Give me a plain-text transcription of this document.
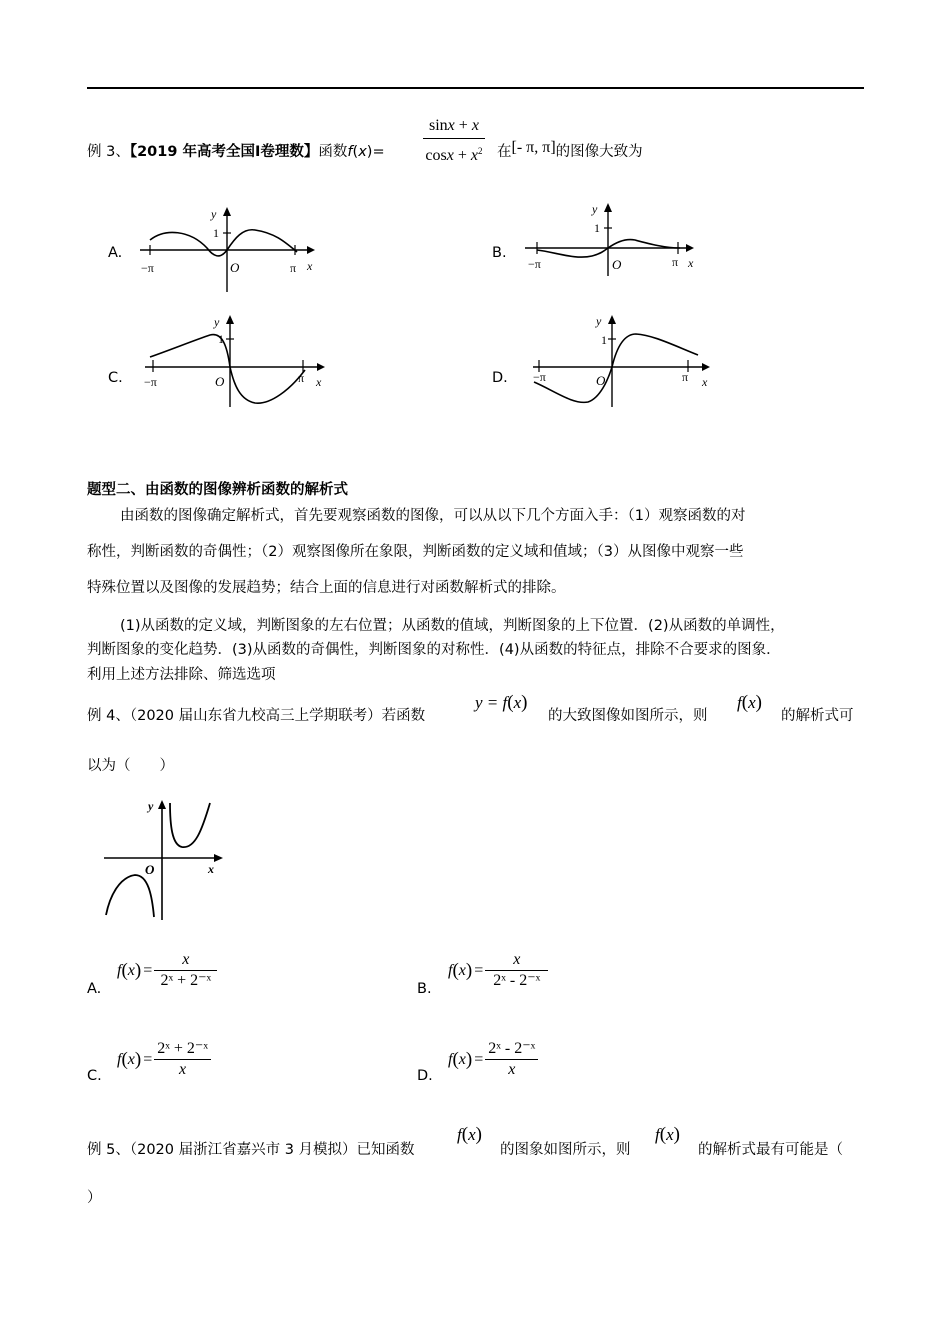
例 3、【2019 年高考全国Ⅰ卷理数】函数f(x)=
sinx + x
$\cos x + x^2$ 在[- π, π]的图像大致为
A.
y
1
O
−π	π x
B.
y
1
O
−π	π x
C.
y
1
O
−π	π x	D.
y
1
O
−π	π x
题型二、由函数的图像辨析函数的解析式
由函数的图像确定解析式，首先要观察函数的图像，可以从以下几个方面入手：（1）观察函数的对
称性，判断函数的奇偶性；（2）观察图像所在象限，判断函数的定义域和值域；（3）从图像中观察一些
特殊位置以及图像的发展趋势；结合上面的信息进行对函数解析式的排除。
(1)从函数的定义域，判断图象的左右位置；从函数的值域，判断图象的上下位置．(2)从函数的单调性，
判断图象的变化趋势．(3)从函数的奇偶性，判断图象的对称性．(4)从函数的特征点，排除不合要求的图象．
利用上述方法排除、筛选选项
例 4、（2020 届山东省九校高三上学期联考）若函数
y = f(x)
的大致图像如图所示，则
f(x)
的解析式可
以为（　　）
y
O	x
A.
f ( x ) = $\frac{x}{\text{2ˣ + 2⁻ˣ}}$	B.
f ( x ) = $\frac{x}{\text{2ˣ - 2⁻ˣ}}$
C.
f ( x ) = $\frac{\text{2ˣ + 2⁻ˣ}}{x}$	D.
f ( x ) = $\frac{\text{2ˣ - 2⁻ˣ}}{x}$
例 5、（2020 届浙江省嘉兴市 3 月模拟）已知函数
f(x)
的图象如图所示，则
f(x)
的解析式最有可能是（
）
